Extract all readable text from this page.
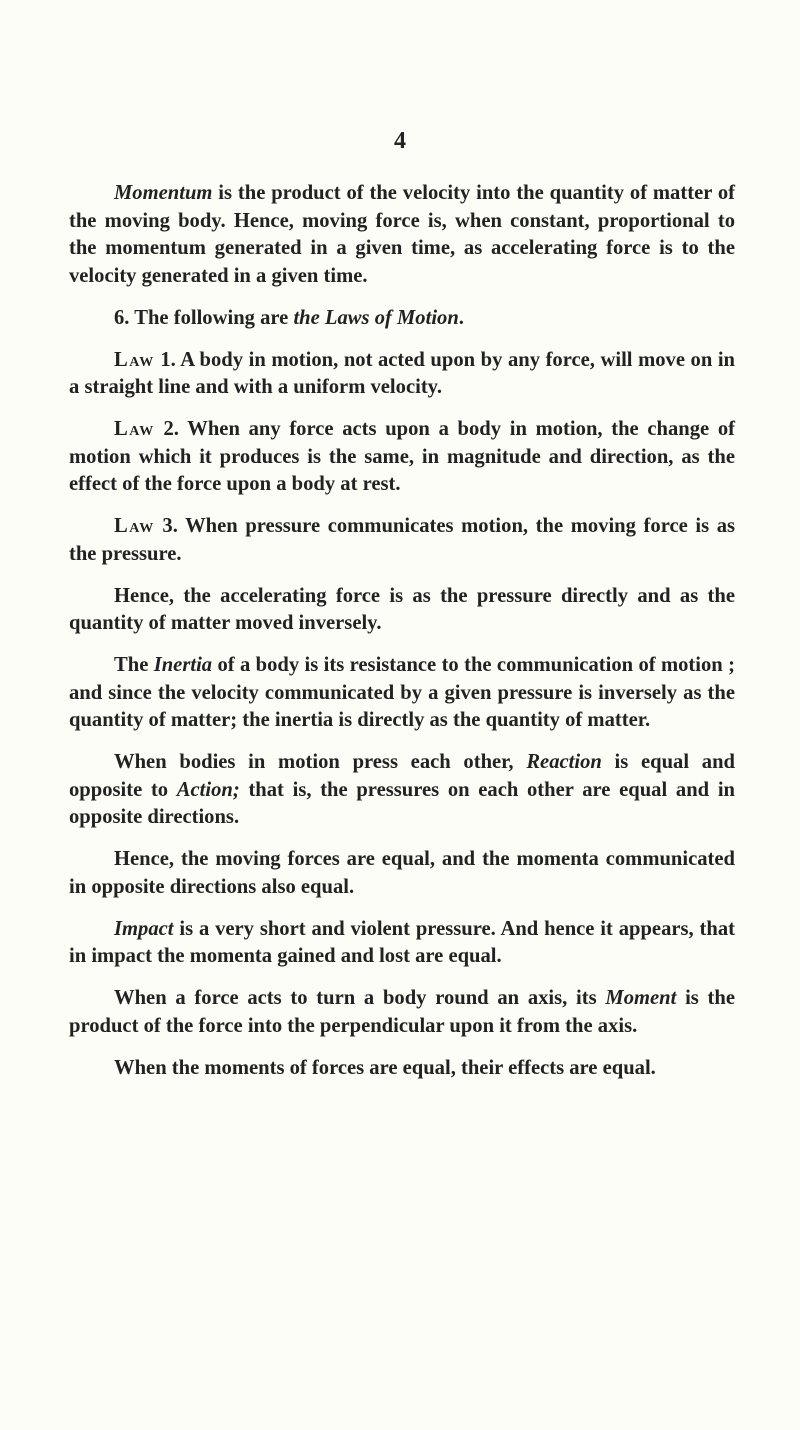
4

Momentum is the product of the velocity into the quantity of matter of the moving body. Hence, moving force is, when constant, proportional to the momentum generated in a given time, as accelerating force is to the velocity generated in a given time.

6. The following are the Laws of Motion.

Law 1. A body in motion, not acted upon by any force, will move on in a straight line and with a uniform velocity.

Law 2. When any force acts upon a body in motion, the change of motion which it produces is the same, in magnitude and direction, as the effect of the force upon a body at rest.

Law 3. When pressure communicates motion, the moving force is as the pressure.

Hence, the accelerating force is as the pressure directly and as the quantity of matter moved inversely.

The Inertia of a body is its resistance to the communication of motion ; and since the velocity communicated by a given pressure is inversely as the quantity of matter; the inertia is directly as the quantity of matter.

When bodies in motion press each other, Reaction is equal and opposite to Action; that is, the pressures on each other are equal and in opposite directions.

Hence, the moving forces are equal, and the momenta communicated in opposite directions also equal.

Impact is a very short and violent pressure. And hence it appears, that in impact the momenta gained and lost are equal.

When a force acts to turn a body round an axis, its Moment is the product of the force into the perpendicular upon it from the axis.

When the moments of forces are equal, their effects are equal.
